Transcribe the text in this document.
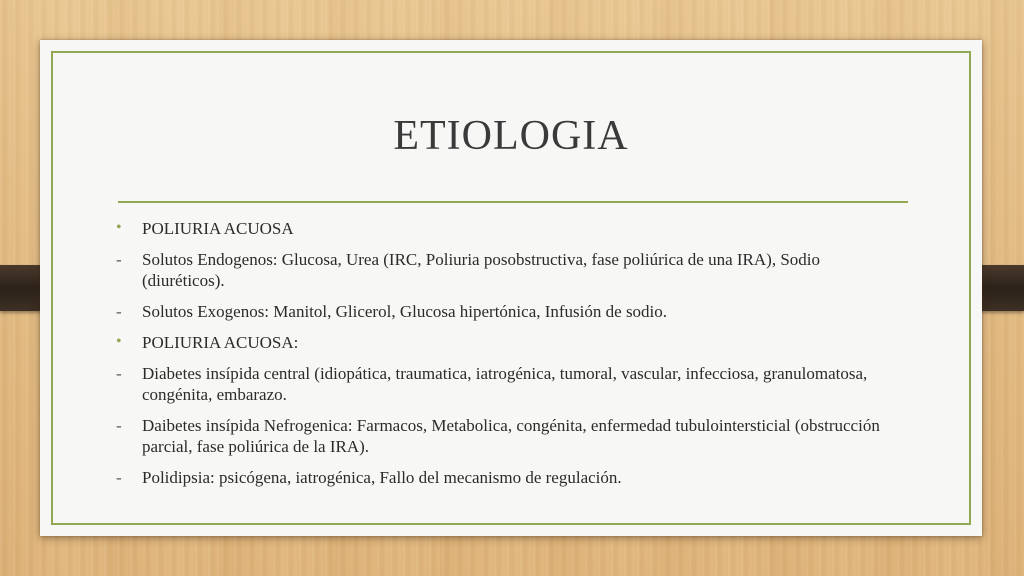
ETIOLOGIA
•	POLIURIA ACUOSA
-	Solutos Endogenos: Glucosa, Urea (IRC, Poliuria posobstructiva, fase poliúrica de una IRA), Sodio (diuréticos).
-	Solutos Exogenos: Manitol, Glicerol, Glucosa hipertónica, Infusión de sodio.
•	POLIURIA ACUOSA:
-	Diabetes insípida central (idiopática, traumatica, iatrogénica, tumoral, vascular, infecciosa, granulomatosa, congénita, embarazo.
-	Daibetes insípida Nefrogenica: Farmacos, Metabolica, congénita, enfermedad tubulointersticial (obstrucción parcial, fase poliúrica de la IRA).
-	Polidipsia: psicógena, iatrogénica, Fallo del mecanismo de regulación.
